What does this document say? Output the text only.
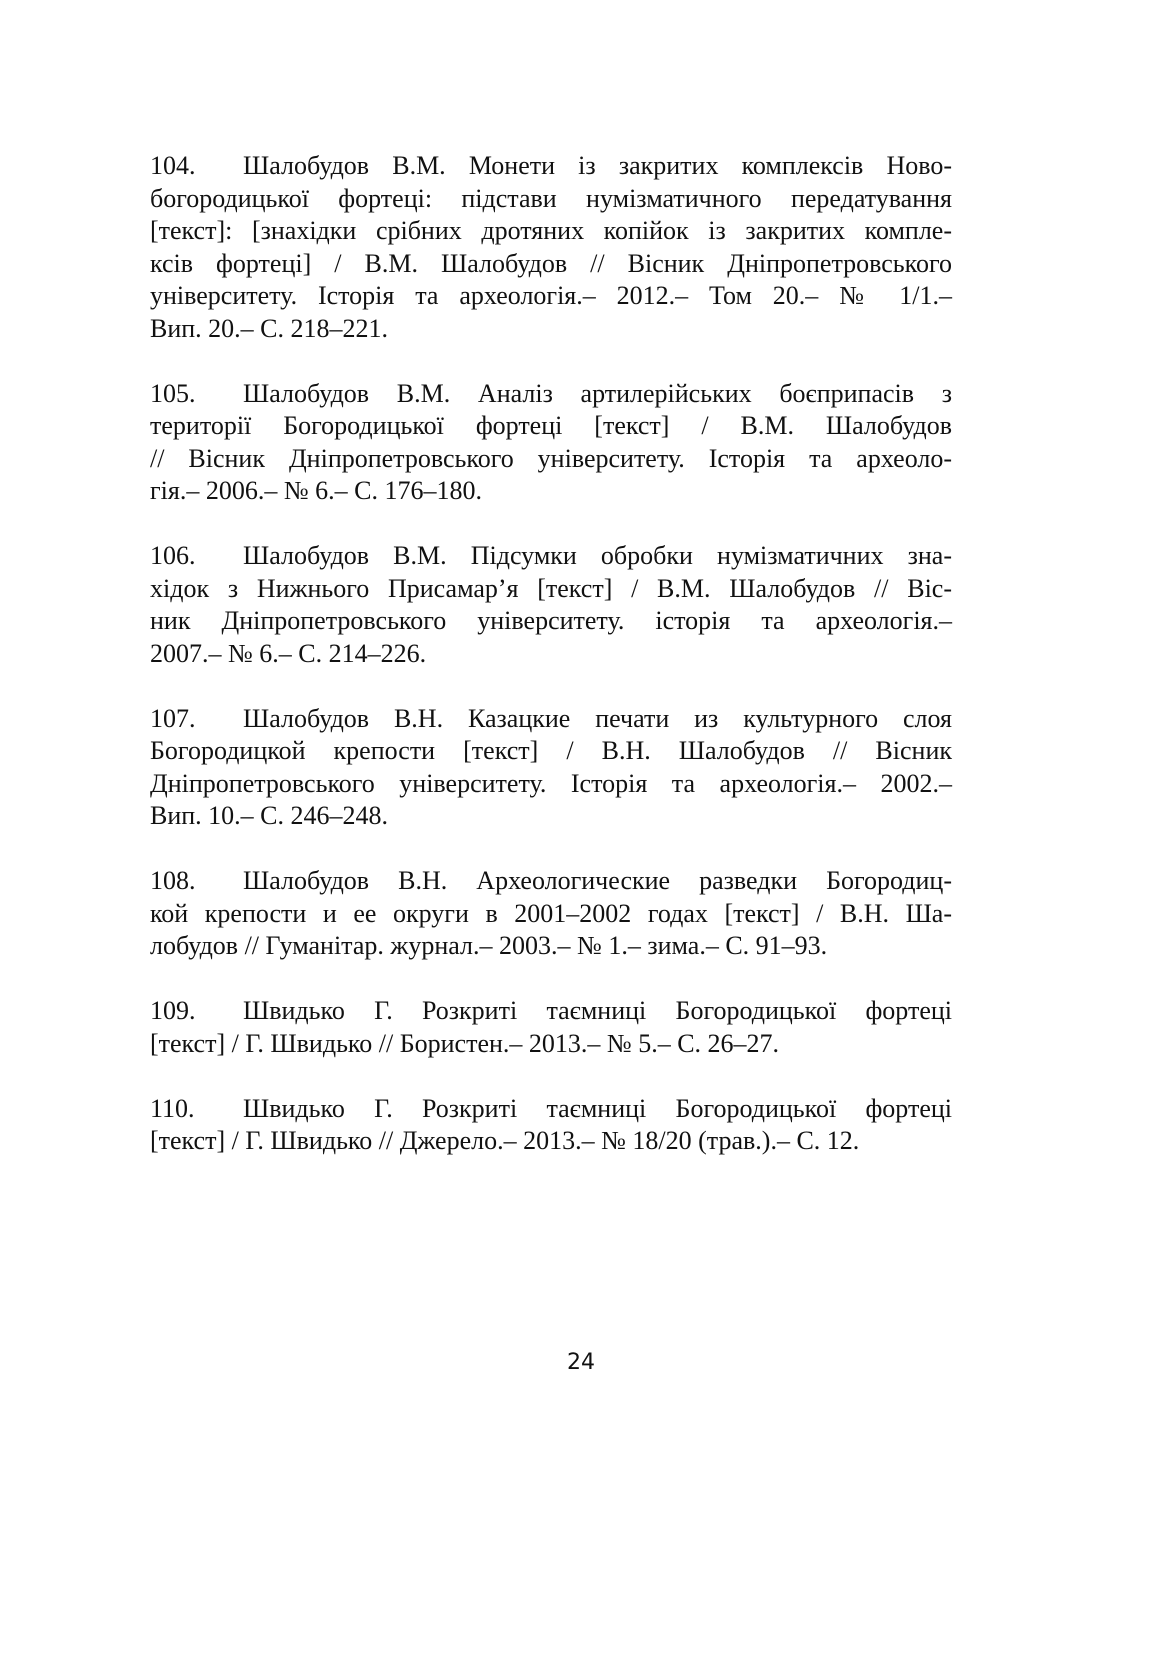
104. Шалобудов В.М. Монети із закритих комплексів Ново-
богородицької фортеці: підстави нумізматичного передатування
[текст]: [знахідки срібних дротяних копійок із закритих компле-
ксів фортеці] / В.М. Шалобудов // Вісник Дніпропетровського
університету. Історія та археологія.– 2012.– Том 20.– № 1/1.–
Вип. 20.– С. 218–221.
105. Шалобудов В.М. Аналіз артилерійських боєприпасів з
території Богородицької фортеці [текст] / В.М. Шалобудов
// Вісник Дніпропетровського університету. Історія та археоло-
гія.– 2006.– № 6.– С. 176–180.
106. Шалобудов В.М. Підсумки обробки нумізматичних зна-
хідок з Нижнього Присамар’я [текст] / В.М. Шалобудов // Віс-
ник Дніпропетровського університету. історія та археологія.–
2007.– № 6.– С. 214–226.
107. Шалобудов В.Н. Казацкие печати из культурного слоя
Богородицкой крепости [текст] / В.Н. Шалобудов // Вісник
Дніпропетровського університету. Історія та археологія.– 2002.–
Вип. 10.– С. 246–248.
108. Шалобудов В.Н. Археологические разведки Богородиц-
кой крепости и ее округи в 2001–2002 годах [текст] / В.Н. Ша-
лобудов // Гуманітар. журнал.– 2003.– № 1.– зима.– С. 91–93.
109. Швидько Г. Розкриті таємниці Богородицької фортеці
[текст] / Г. Швидько // Бористен.– 2013.– № 5.– С. 26–27.
110. Швидько Г. Розкриті таємниці Богородицької фортеці
[текст] / Г. Швидько // Джерело.– 2013.– № 18/20 (трав.).– С. 12.
24
